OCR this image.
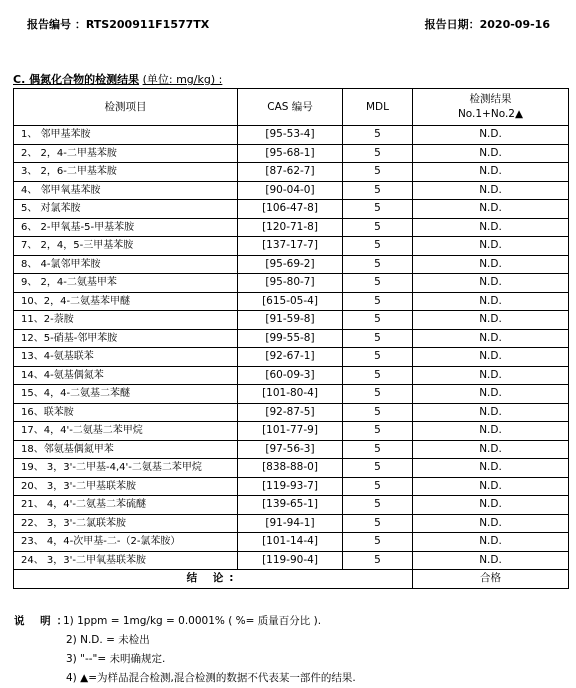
报告编号 ：RTS200911F1577TX	报告日期：2020-09-16
C. 偶氮化合物的检测结果 (单位: mg/kg) :
检测项目	CAS 编号	MDL	检测结果
No.1+No.2▲

1、 邻甲基苯胺	[95-53-4]	5	N.D.
2、 2，4-二甲基苯胺	[95-68-1]	5	N.D.
3、 2，6-二甲基苯胺	[87-62-7]	5	N.D.
4、 邻甲氧基苯胺	[90-04-0]	5	N.D.
5、 对氯苯胺	[106-47-8]	5	N.D.
6、 2-甲氧基-5-甲基苯胺	[120-71-8]	5	N.D.
7、 2，4，5-三甲基苯胺	[137-17-7]	5	N.D.
8、 4-氯邻甲苯胺	[95-69-2]	5	N.D.
9、 2，4-二氨基甲苯	[95-80-7]	5	N.D.
10、2，4-二氨基苯甲醚	[615-05-4]	5	N.D.
11、2-萘胺	[91-59-8]	5	N.D.
12、5-硝基-邻甲苯胺	[99-55-8]	5	N.D.
13、4-氨基联苯	[92-67-1]	5	N.D.
14、4-氨基偶氮苯	[60-09-3]	5	N.D.
15、4，4-二氨基二苯醚	[101-80-4]	5	N.D.
16、联苯胺	[92-87-5]	5	N.D.
17、4，4'-二氨基二苯甲烷	[101-77-9]	5	N.D.
18、邻氨基偶氮甲苯	[97-56-3]	5	N.D.
19、 3，3'-二甲基-4,4'-二氨基二苯甲烷	[838-88-0]	5	N.D.
20、 3，3'-二甲基联苯胺	[119-93-7]	5	N.D.
21、 4，4'-二氨基二苯硫醚	[139-65-1]	5	N.D.
22、 3，3'-二氯联苯胺	[91-94-1]	5	N.D.
23、 4，4-次甲基-二-（2-氯苯胺）	[101-14-4]	5	N.D.
24、 3，3'-二甲氧基联苯胺	[119-90-4]	5	N.D.
结 论:			合格
说 明：1) 1ppm = 1mg/kg = 0.0001% ( %= 质量百分比 ).
2) N.D. = 未检出
3) "--"= 未明确规定.
4) ▲=为样品混合检测,混合检测的数据不代表某一部件的结果.
